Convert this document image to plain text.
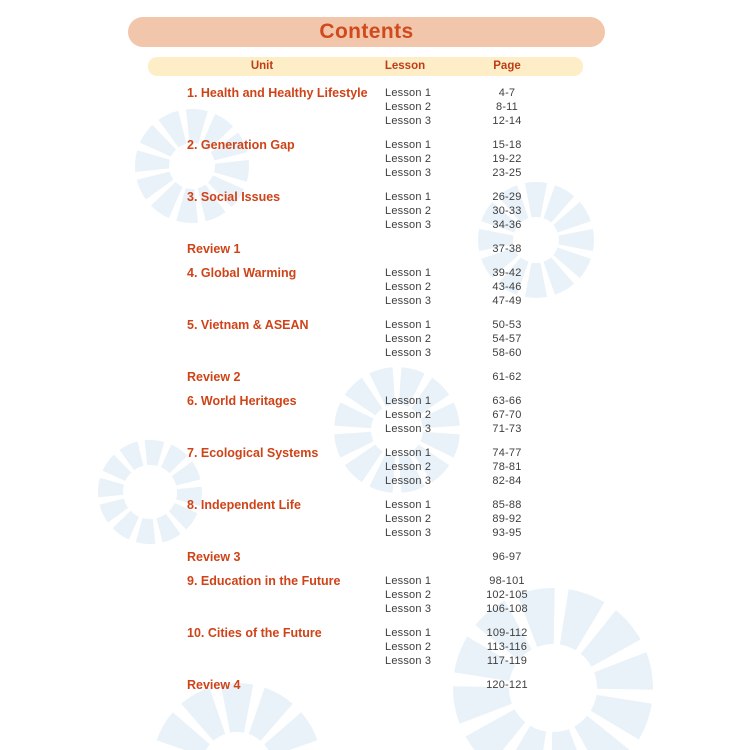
Contents
Unit	Lesson	Page
1. Health and Healthy Lifestyle	Lesson 1	4-7
Lesson 2	8-11
Lesson 3	12-14
2. Generation Gap	Lesson 1	15-18
Lesson 2	19-22
Lesson 3	23-25
3. Social Issues	Lesson 1	26-29
Lesson 2	30-33
Lesson 3	34-36
Review 1	37-38
4. Global Warming	Lesson 1	39-42
Lesson 2	43-46
Lesson 3	47-49
5. Vietnam & ASEAN	Lesson 1	50-53
Lesson 2	54-57
Lesson 3	58-60
Review 2	61-62
6. World Heritages	Lesson 1	63-66
Lesson 2	67-70
Lesson 3	71-73
7. Ecological Systems	Lesson 1	74-77
Lesson 2	78-81
Lesson 3	82-84
8. Independent Life	Lesson 1	85-88
Lesson 2	89-92
Lesson 3	93-95
Review 3	96-97
9. Education in the Future	Lesson 1	98-101
Lesson 2	102-105
Lesson 3	106-108
10. Cities of the Future	Lesson 1	109-112
Lesson 2	113-116
Lesson 3	117-119
Review 4	120-121
